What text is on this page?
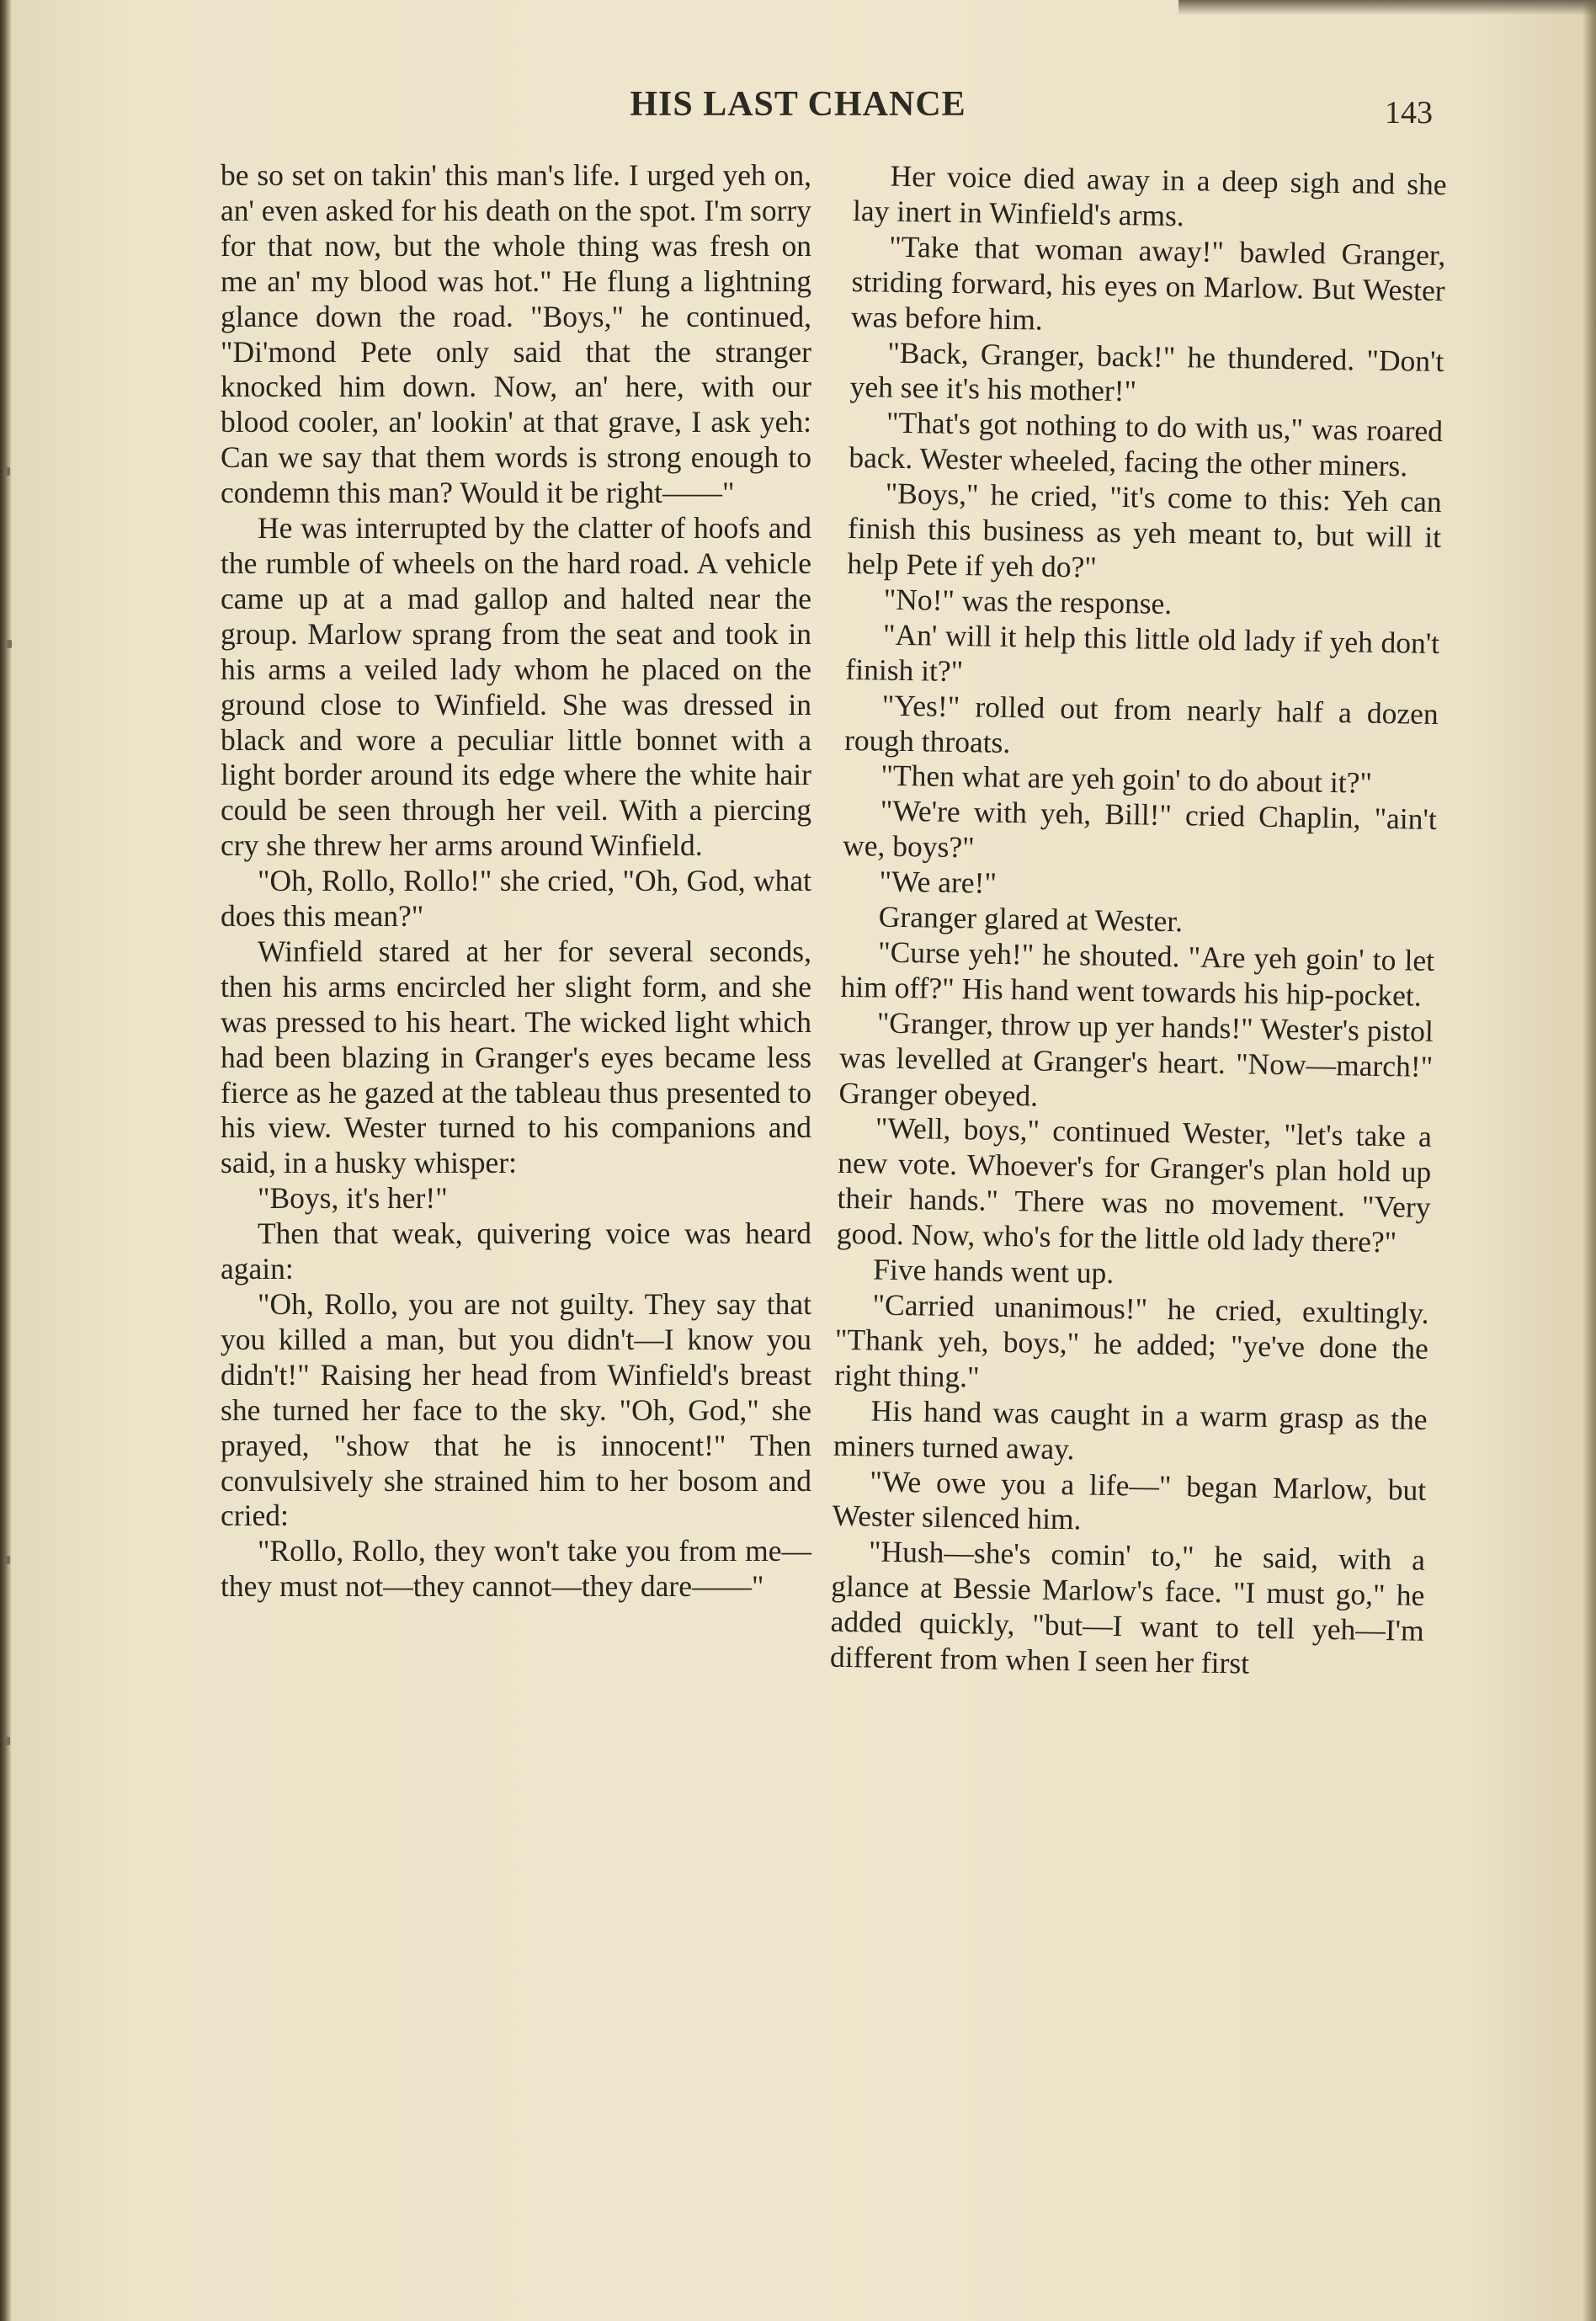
HIS LAST CHANCE	143

be so set on takin' this man's life. I urged yeh on, an' even asked for his death on the spot. I'm sorry for that now, but the whole thing was fresh on me an' my blood was hot." He flung a lightning glance down the road. "Boys," he continued, "Di'mond Pete only said that the stranger knocked him down. Now, an' here, with our blood cooler, an' lookin' at that grave, I ask yeh: Can we say that them words is strong enough to condemn this man? Would it be right——"

He was interrupted by the clatter of hoofs and the rumble of wheels on the hard road. A vehicle came up at a mad gallop and halted near the group. Marlow sprang from the seat and took in his arms a veiled lady whom he placed on the ground close to Winfield. She was dressed in black and wore a peculiar little bonnet with a light border around its edge where the white hair could be seen through her veil. With a piercing cry she threw her arms around Winfield.

"Oh, Rollo, Rollo!" she cried, "Oh, God, what does this mean?"

Winfield stared at her for several seconds, then his arms encircled her slight form, and she was pressed to his heart. The wicked light which had been blazing in Granger's eyes became less fierce as he gazed at the tableau thus presented to his view. Wester turned to his companions and said, in a husky whisper:

"Boys, it's her!"

Then that weak, quivering voice was heard again:

"Oh, Rollo, you are not guilty. They say that you killed a man, but you didn't—I know you didn't!" Raising her head from Winfield's breast she turned her face to the sky. "Oh, God," she prayed, "show that he is innocent!" Then convulsively she strained him to her bosom and cried:

"Rollo, Rollo, they won't take you from me—they must not—they cannot—they dare——"

Her voice died away in a deep sigh and she lay inert in Winfield's arms.

"Take that woman away!" bawled Granger, striding forward, his eyes on Marlow. But Wester was before him.

"Back, Granger, back!" he thundered. "Don't yeh see it's his mother!"

"That's got nothing to do with us," was roared back. Wester wheeled, facing the other miners.

"Boys," he cried, "it's come to this: Yeh can finish this business as yeh meant to, but will it help Pete if yeh do?"

"No!" was the response.

"An' will it help this little old lady if yeh don't finish it?"

"Yes!" rolled out from nearly half a dozen rough throats.

"Then what are yeh goin' to do about it?"

"We're with yeh, Bill!" cried Chaplin, "ain't we, boys?"

"We are!"

Granger glared at Wester.

"Curse yeh!" he shouted. "Are yeh goin' to let him off?" His hand went towards his hip-pocket.

"Granger, throw up yer hands!" Wester's pistol was levelled at Granger's heart. "Now—march!" Granger obeyed.

"Well, boys," continued Wester, "let's take a new vote. Whoever's for Granger's plan hold up their hands." There was no movement. "Very good. Now, who's for the little old lady there?"

Five hands went up.

"Carried unanimous!" he cried, exultingly. "Thank yeh, boys," he added; "ye've done the right thing."

His hand was caught in a warm grasp as the miners turned away.

"We owe you a life—" began Marlow, but Wester silenced him.

"Hush—she's comin' to," he said, with a glance at Bessie Marlow's face. "I must go," he added quickly, "but—I want to tell yeh—I'm different from when I seen her first
